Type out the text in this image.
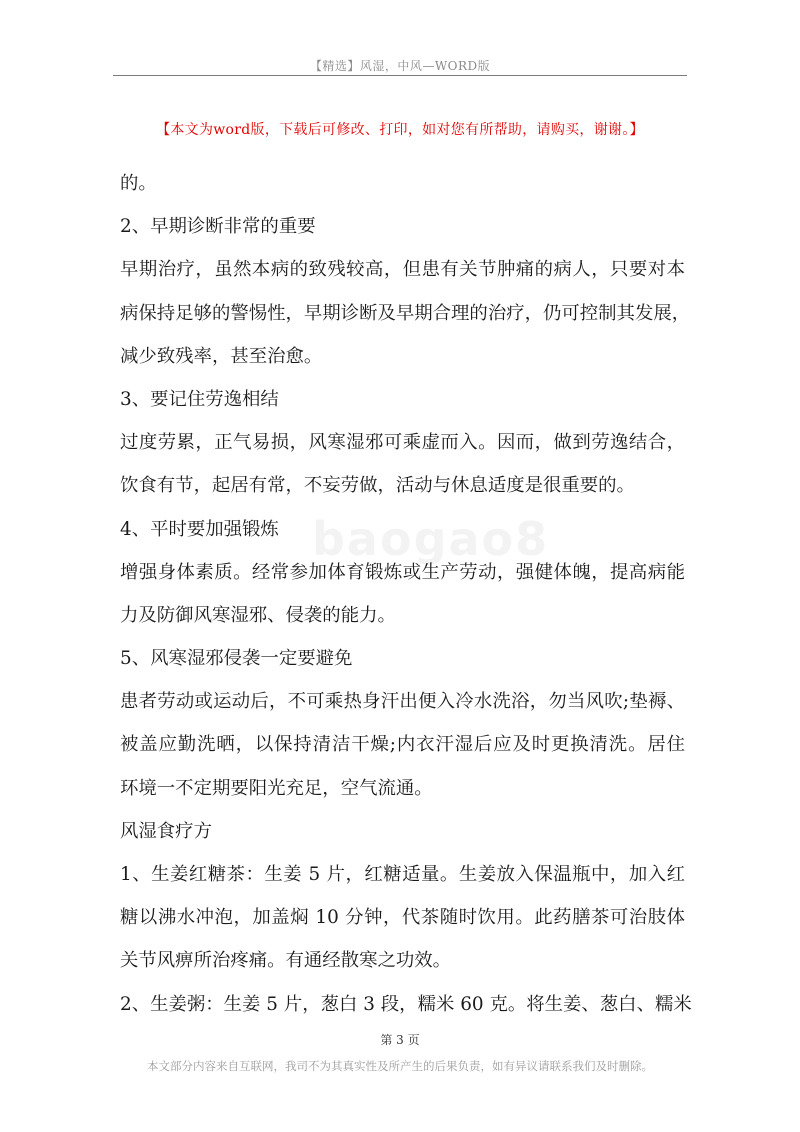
【精选】风湿，中风—WORD版
【本文为word版，下载后可修改、打印，如对您有所帮助，请购买，谢谢。】
baogao8
的。
2、早期诊断非常的重要
早期治疗，虽然本病的致残较高，但患有关节肿痛的病人，只要对本
病保持足够的警惕性，早期诊断及早期合理的治疗，仍可控制其发展，
减少致残率，甚至治愈。
3、要记住劳逸相结
过度劳累，正气易损，风寒湿邪可乘虚而入。因而，做到劳逸结合，
饮食有节，起居有常，不妄劳做，活动与休息适度是很重要的。
4、平时要加强锻炼
增强身体素质。经常参加体育锻炼或生产劳动，强健体魄，提高病能
力及防御风寒湿邪、侵袭的能力。
5、风寒湿邪侵袭一定要避免
患者劳动或运动后，不可乘热身汗出便入冷水洗浴，勿当风吹;垫褥、
被盖应勤洗晒，以保持清洁干燥;内衣汗湿后应及时更换清洗。居住
环境一不定期要阳光充足，空气流通。
风湿食疗方
1、生姜红糖茶：生姜 5 片，红糖适量。生姜放入保温瓶中，加入红
糖以沸水冲泡，加盖焖 10 分钟，代茶随时饮用。此药膳茶可治肢体
关节风痹所治疼痛。有通经散寒之功效。
2、生姜粥：生姜 5 片，葱白 3 段，糯米 60 克。将生姜、葱白、糯米
第 3 页
本文部分内容来自互联网，我司不为其真实性及所产生的后果负责，如有异议请联系我们及时删除。
